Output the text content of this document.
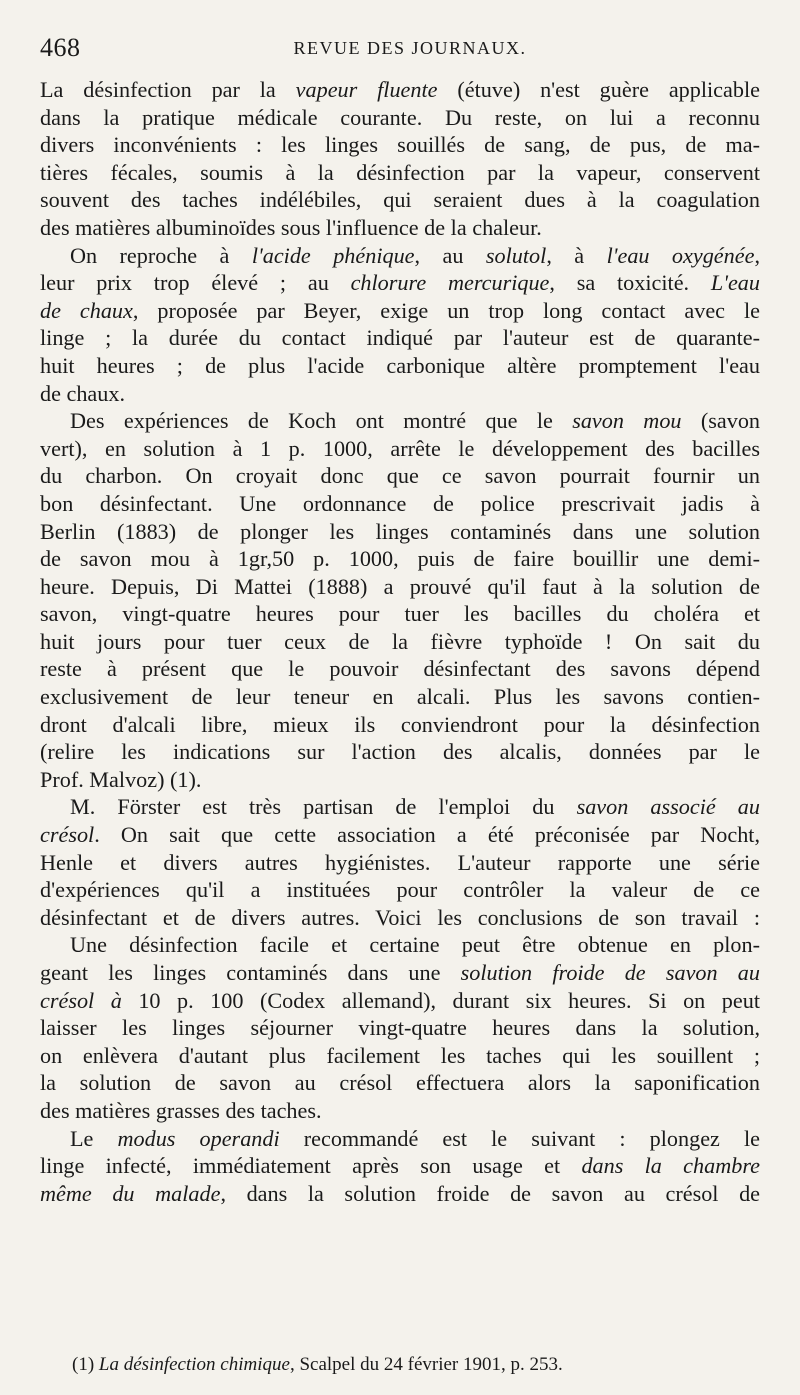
468	REVUE DES JOURNAUX.
La désinfection par la vapeur fluente (étuve) n'est guère applicable
dans la pratique médicale courante. Du reste, on lui a reconnu
divers inconvénients : les linges souillés de sang, de pus, de ma-
tières fécales, soumis à la désinfection par la vapeur, conservent
souvent des taches indélébiles, qui seraient dues à la coagulation
des matières albuminoïdes sous l'influence de la chaleur.
On reproche à l'acide phénique, au solutol, à l'eau oxygénée,
leur prix trop élevé ; au chlorure mercurique, sa toxicité. L'eau
de chaux, proposée par Beyer, exige un trop long contact avec le
linge ; la durée du contact indiqué par l'auteur est de quarante-
huit heures ; de plus l'acide carbonique altère promptement l'eau
de chaux.
Des expériences de Koch ont montré que le savon mou (savon
vert), en solution à 1 p. 1000, arrête le développement des bacilles
du charbon. On croyait donc que ce savon pourrait fournir un
bon désinfectant. Une ordonnance de police prescrivait jadis à
Berlin (1883) de plonger les linges contaminés dans une solution
de savon mou à 1gr,50 p. 1000, puis de faire bouillir une demi-
heure. Depuis, Di Mattei (1888) a prouvé qu'il faut à la solution de
savon, vingt-quatre heures pour tuer les bacilles du choléra et
huit jours pour tuer ceux de la fièvre typhoïde ! On sait du
reste à présent que le pouvoir désinfectant des savons dépend
exclusivement de leur teneur en alcali. Plus les savons contien-
dront d'alcali libre, mieux ils conviendront pour la désinfection
(relire les indications sur l'action des alcalis, données par le
Prof. Malvoz) (1).
M. Förster est très partisan de l'emploi du savon associé au
crésol. On sait que cette association a été préconisée par Nocht,
Henle et divers autres hygiénistes. L'auteur rapporte une série
d'expériences qu'il a instituées pour contrôler la valeur de ce
désinfectant et de divers autres. Voici les conclusions de son travail :
Une désinfection facile et certaine peut être obtenue en plon-
geant les linges contaminés dans une solution froide de savon au
crésol à 10 p. 100 (Codex allemand), durant six heures. Si on peut
laisser les linges séjourner vingt-quatre heures dans la solution,
on enlèvera d'autant plus facilement les taches qui les souillent ;
la solution de savon au crésol effectuera alors la saponification
des matières grasses des taches.
Le modus operandi recommandé est le suivant : plongez le
linge infecté, immédiatement après son usage et dans la chambre
même du malade, dans la solution froide de savon au crésol de
(1) La désinfection chimique, Scalpel du 24 février 1901, p. 253.
